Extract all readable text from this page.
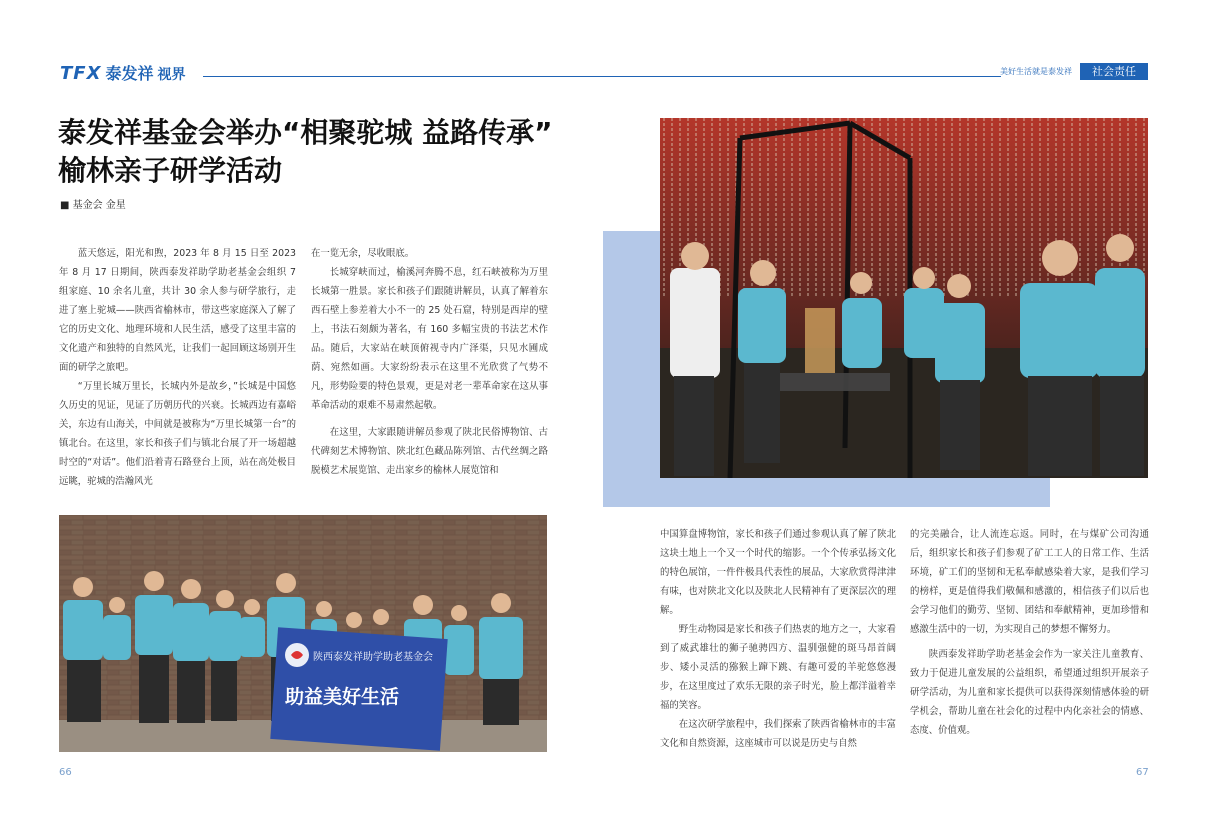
TFX 泰发祥 视界	美好生活就是泰发祥	社会责任
泰发祥基金会举办“相聚驼城 益路传承”
榆林亲子研学活动
■ 基金会 金星

蓝天悠远，阳光和煦，2023 年 8 月 15 日至 2023 年 8 月 17 日期间，陕西泰发祥助学助老基金会组织 7 组家庭、10 余名儿童，共计 30 余人参与研学旅行，走进了塞上驼城——陕西省榆林市，带这些家庭深入了解了它的历史文化、地理环境和人民生活，感受了这里丰富的文化遗产和独特的自然风光，让我们一起回顾这场别开生面的研学之旅吧。

“万里长城万里长，长城内外是故乡，”长城是中国悠久历史的见证，见证了历朝历代的兴衰。长城西边有嘉峪关，东边有山海关，中间就是被称为“万里长城第一台”的镇北台。在这里，家长和孩子们与镇北台展了开一场超越时空的“对话”。他们沿着青石路登台上顶，站在高处极目远眺，驼城的浩瀚风光

在一览无余，尽收眼底。

长城穿峡而过，榆溪河奔腾不息，红石峡被称为万里长城第一胜景。家长和孩子们跟随讲解员，认真了解着东西石壁上参差着大小不一的 25 处石窟，特别是西岸的壁上，书法石刻颇为著名，有 160 多幅宝贵的书法艺术作品。随后，大家站在峡顶俯视寺内广泽渠，只见水圃成荫、宛然如画。大家纷纷表示在这里不光欣赏了气势不凡，形势险要的特色景观，更是对老一辈革命家在这从事革命活动的艰难不易肃然起敬。

在这里，大家跟随讲解员参观了陕北民俗博物馆、古代碑刻艺术博物馆、陕北红色藏品陈列馆、古代丝绸之路脱模艺术展览馆、走出家乡的榆林人展览馆和

陕西泰发祥助学助老基金会
助益美好生活

中国算盘博物馆，家长和孩子们通过参观认真了解了陕北这块土地上一个又一个时代的缩影。一个个传承弘扬文化的特色展馆，一件件极具代表性的展品，大家欣赏得津津有味，也对陕北文化以及陕北人民精神有了更深层次的理解。

野生动物园是家长和孩子们热衷的地方之一，大家看到了威武雄壮的狮子驰骋四方、温驯强健的斑马昂首阔步、矮小灵活的猕猴上蹿下跳、有趣可爱的羊驼悠悠漫步，在这里度过了欢乐无限的亲子时光，脸上都洋溢着幸福的笑容。

在这次研学旅程中，我们探索了陕西省榆林市的丰富文化和自然资源，这座城市可以说是历史与自然

的完美融合，让人流连忘返。同时，在与煤矿公司沟通后，组织家长和孩子们参观了矿工工人的日常工作、生活环境，矿工们的坚韧和无私奉献感染着大家，是我们学习的榜样，更是值得我们敬佩和感激的，相信孩子们以后也会学习他们的勤劳、坚韧、团结和奉献精神，更加珍惜和感激生活中的一切，为实现自己的梦想不懈努力。

陕西泰发祥助学助老基金会作为一家关注儿童教育、致力于促进儿童发展的公益组织，希望通过组织开展亲子研学活动，为儿童和家长提供可以获得深刻情感体验的研学机会，帮助儿童在社会化的过程中内化亲社会的情感、态度、价值观。

66	67
